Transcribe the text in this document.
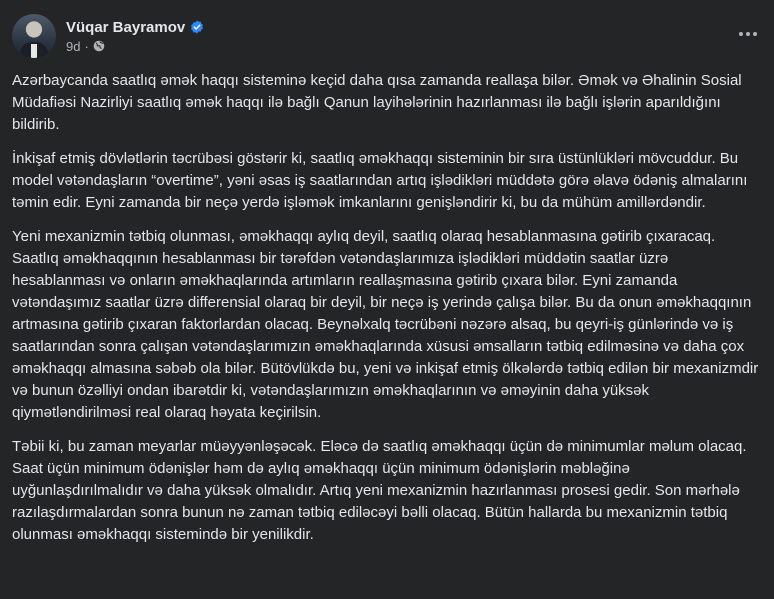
Vüqar Bayramov
9d ·

Azərbaycanda saatlıq əmək haqqı sisteminə keçid daha qısa zamanda reallaşa bilər. Əmək və Əhalinin Sosial Müdafiəsi Nazirliyi saatlıq əmək haqqı ilə bağlı Qanun layihələrinin hazırlanması ilə bağlı işlərin aparıldığını bildirib.

İnkişaf etmiş dövlətlərin təcrübəsi göstərir ki, saatlıq əməkhaqqı sisteminin bir sıra üstünlükləri mövcuddur. Bu model vətəndaşların “overtime”, yəni əsas iş saatlarından artıq işlədikləri müddətə görə əlavə ödəniş almalarını təmin edir. Eyni zamanda bir neçə yerdə işləmək imkanlarını genişləndirir ki, bu da mühüm amillərdəndir.

Yeni mexanizmin tətbiq olunması, əməkhaqqı aylıq deyil, saatlıq olaraq hesablanmasına gətirib çıxaracaq. Saatlıq əməkhaqqının hesablanması bir tərəfdən vətəndaşlarımıza işlədikləri müddətin saatlar üzrə hesablanması və onların əməkhaqlarında artımların reallaşmasına gətirib çıxara bilər. Eyni zamanda vətəndaşımız saatlar üzrə differensial olaraq bir deyil, bir neçə iş yerində çalışa bilər. Bu da onun əməkhaqqının artmasına gətirib çıxaran faktorlardan olacaq. Beynəlxalq təcrübəni nəzərə alsaq, bu qeyri-iş günlərində və iş saatlarından sonra çalışan vətəndaşlarımızın əməkhaqlarında xüsusi əmsalların tətbiq edilməsinə və daha çox əməkhaqqı almasına səbəb ola bilər. Bütövlükdə bu, yeni və inkişaf etmiş ölkələrdə tətbiq edilən bir mexanizmdir və bunun özəlliyi ondan ibarətdir ki, vətəndaşlarımızın əməkhaqlarının və əməyinin daha yüksək qiymətləndirilməsi real olaraq həyata keçirilsin.

Təbii ki, bu zaman meyarlar müəyyənləşəcək. Eləcə də saatlıq əməkhaqqı üçün də minimumlar məlum olacaq. Saat üçün minimum ödənişlər həm də aylıq əməkhaqqı üçün minimum ödənişlərin məbləğinə uyğunlaşdırılmalıdır və daha yüksək olmalıdır. Artıq yeni mexanizmin hazırlanması prosesi gedir. Son mərhələ razılaşdırmalardan sonra bunun nə zaman tətbiq ediləcəyi bəlli olacaq. Bütün hallarda bu mexanizmin tətbiq olunması əməkhaqqı sistemində bir yenilikdir.
